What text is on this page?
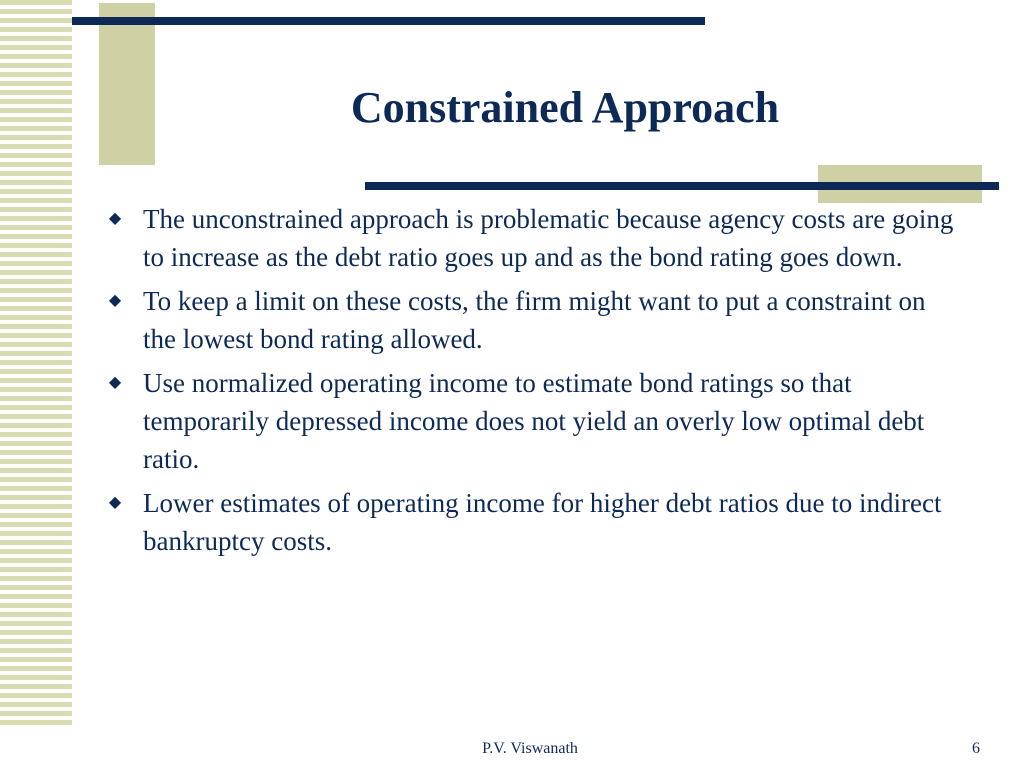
Constrained Approach
◆ The unconstrained approach is problematic because agency costs are going to increase as the debt ratio goes up and as the bond rating goes down.
◆ To keep a limit on these costs, the firm might want to put a constraint on the lowest bond rating allowed.
◆ Use normalized operating income to estimate bond ratings so that temporarily depressed income does not yield an overly low optimal debt ratio.
◆ Lower estimates of operating income for higher debt ratios due to indirect bankruptcy costs.
P.V. Viswanath	6
